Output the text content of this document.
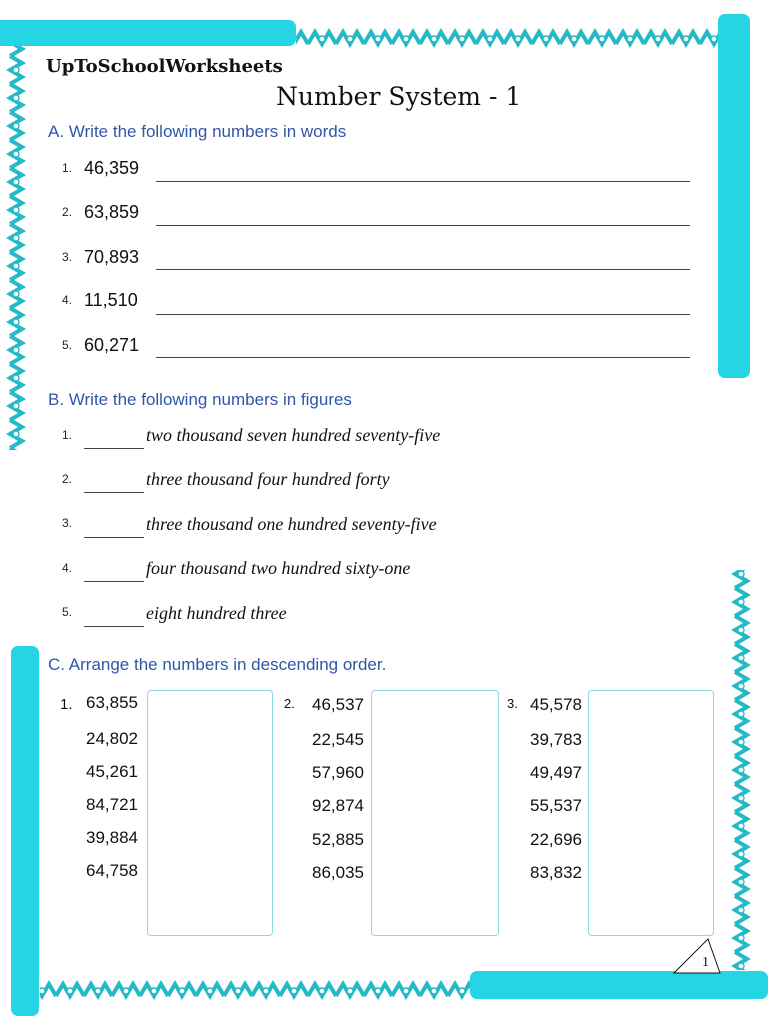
1
UpToSchoolWorksheets
Number System - 1
A. Write the following numbers in words
1. 46,359
2. 63,859
3. 70,893
4. 11,510
5. 60,271
B. Write the following numbers in figures
1.	two thousand seven hundred seventy-five
2.	three thousand four hundred forty
3.	three thousand one hundred seventy-five
4.	four thousand two hundred sixty-one
5.	eight hundred three
C. Arrange the numbers in descending order.
1. 63,855
24,802
45,261
84,721
39,884
64,758
2.	46,537
22,545
57,960
92,874
52,885
86,035
3. 45,578
39,783
49,497
55,537
22,696
83,832
